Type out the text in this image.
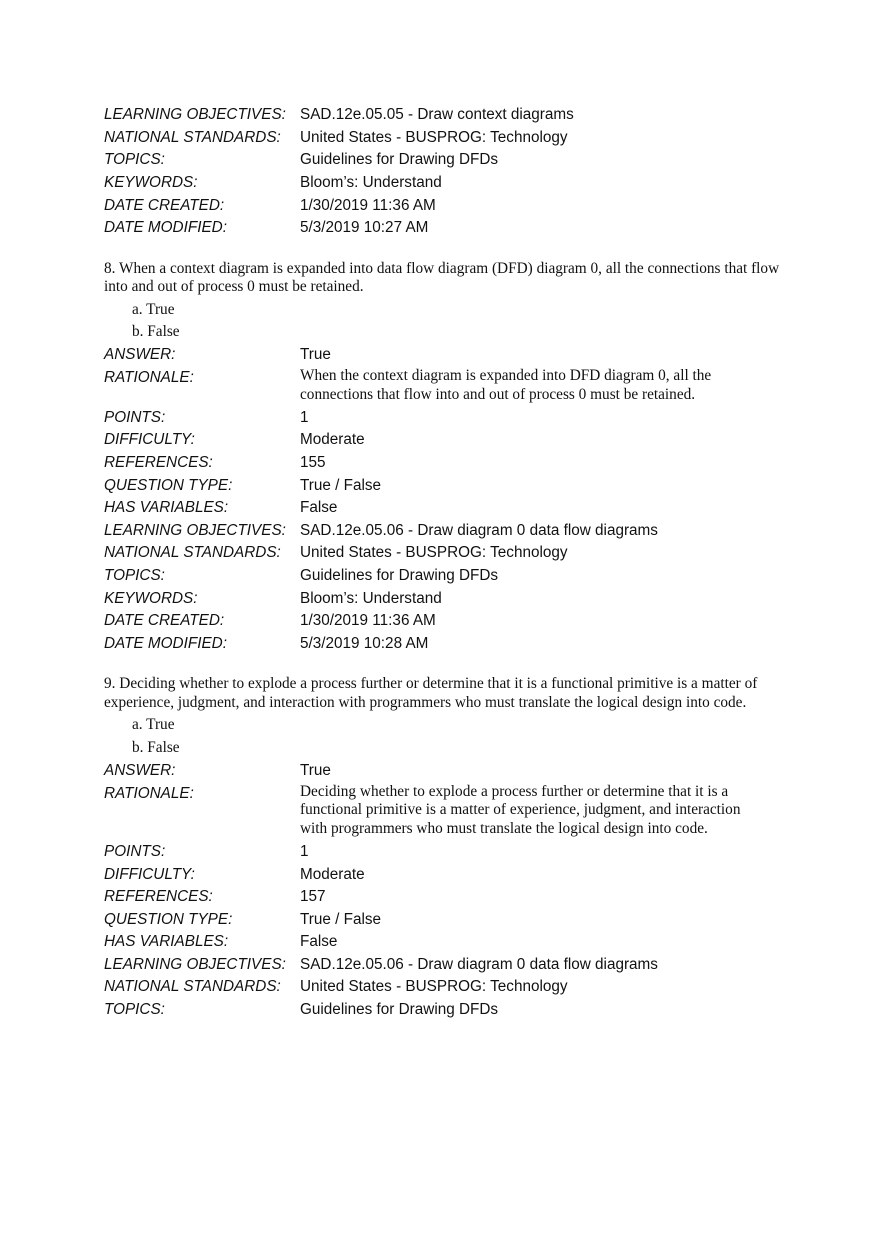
LEARNING OBJECTIVES: SAD.12e.05.05 - Draw context diagrams
NATIONAL STANDARDS:	United States - BUSPROG: Technology
TOPICS:	Guidelines for Drawing DFDs
KEYWORDS:	Bloom’s: Understand
DATE CREATED:	1/30/2019 11:36 AM
DATE MODIFIED:	5/3/2019 10:27 AM
8. When a context diagram is expanded into data flow diagram (DFD) diagram 0, all the connections that flow into and out of process 0 must be retained.
a. True
b. False
ANSWER:	True
RATIONALE:	When the context diagram is expanded into DFD diagram 0, all the connections that flow into and out of process 0 must be retained.
POINTS:	1
DIFFICULTY:	Moderate
REFERENCES:	155
QUESTION TYPE:	True / False
HAS VARIABLES:	False
LEARNING OBJECTIVES: SAD.12e.05.06 - Draw diagram 0 data flow diagrams
NATIONAL STANDARDS:	United States - BUSPROG: Technology
TOPICS:	Guidelines for Drawing DFDs
KEYWORDS:	Bloom’s: Understand
DATE CREATED:	1/30/2019 11:36 AM
DATE MODIFIED:	5/3/2019 10:28 AM
9. Deciding whether to explode a process further or determine that it is a functional primitive is a matter of experience, judgment, and interaction with programmers who must translate the logical design into code.
a. True
b. False
ANSWER:	True
RATIONALE:	Deciding whether to explode a process further or determine that it is a functional primitive is a matter of experience, judgment, and interaction with programmers who must translate the logical design into code.
POINTS:	1
DIFFICULTY:	Moderate
REFERENCES:	157
QUESTION TYPE:	True / False
HAS VARIABLES:	False
LEARNING OBJECTIVES: SAD.12e.05.06 - Draw diagram 0 data flow diagrams
NATIONAL STANDARDS:	United States - BUSPROG: Technology
TOPICS:	Guidelines for Drawing DFDs
